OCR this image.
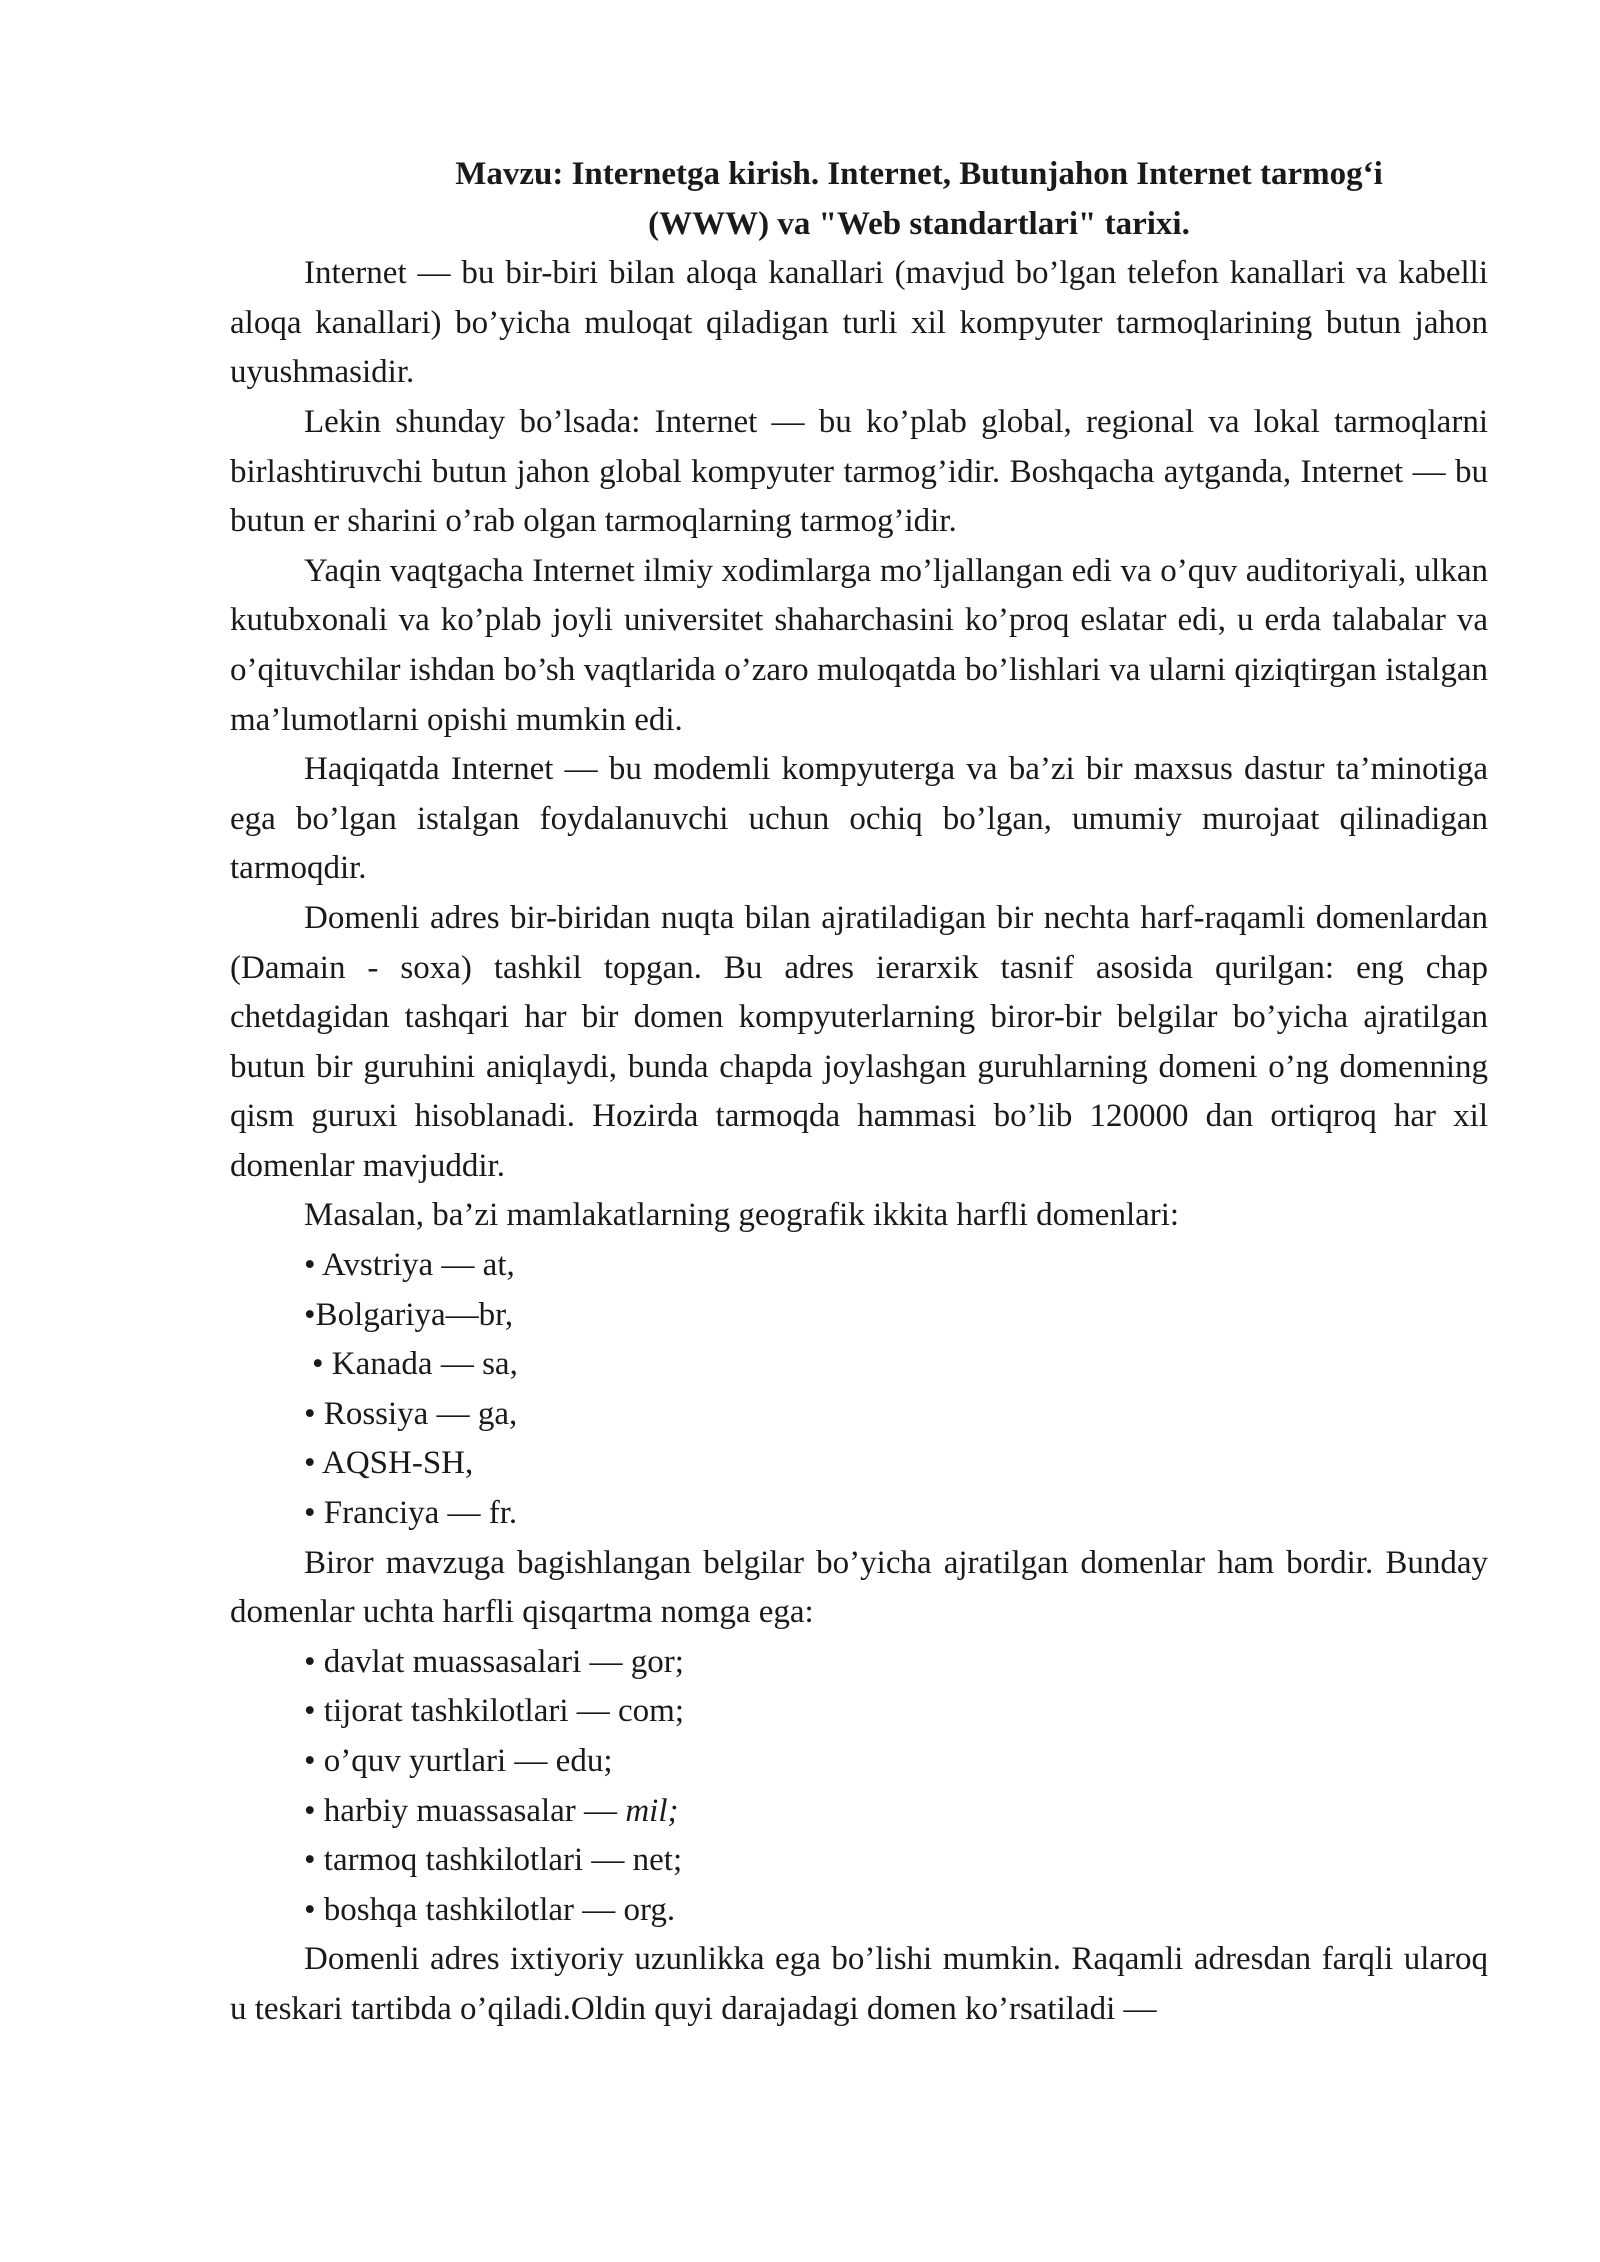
Mavzu: Internetga kirish. Internet, Butunjahon Internet tarmog‘i
(WWW) va "Web standartlari" tarixi.

Internet — bu bir-biri bilan aloqa kanallari (mavjud bo’lgan telefon kanallari va kabelli aloqa kanallari) bo’yicha muloqat qiladigan turli xil kompyuter tarmoqlarining butun jahon uyushmasidir.

Lekin shunday bo’lsada: Internet — bu ko’plab global, regional va lokal tarmoqlarni birlashtiruvchi butun jahon global kompyuter tarmog’idir. Boshqacha aytganda, Internet — bu butun er sharini o’rab olgan tarmoqlarning tarmog’idir.

Yaqin vaqtgacha Internet ilmiy xodimlarga mo’ljallangan edi va o’quv auditoriyali, ulkan kutubxonali va ko’plab joyli universitet shaharchasini ko’proq eslatar edi, u erda talabalar va o’qituvchilar ishdan bo’sh vaqtlarida o’zaro muloqatda bo’lishlari va ularni qiziqtirgan istalgan ma’lumotlarni opishi mumkin edi.

Haqiqatda Internet — bu modemli kompyuterga va ba’zi bir maxsus dastur ta’minotiga ega bo’lgan istalgan foydalanuvchi uchun ochiq bo’lgan, umumiy murojaat qilinadigan tarmoqdir.

Domenli adres bir-biridan nuqta bilan ajratiladigan bir nechta harf-raqamli domenlardan (Damain - soxa) tashkil topgan. Bu adres ierarxik tasnif asosida qurilgan: eng chap chetdagidan tashqari har bir domen kompyuterlarning biror-bir belgilar bo’yicha ajratilgan butun bir guruhini aniqlaydi, bunda chapda joylashgan guruhlarning domeni o’ng domenning qism guruxi hisoblanadi. Hozirda tarmoqda hammasi bo’lib 120000 dan ortiqroq har xil domenlar mavjuddir.

Masalan, ba’zi mamlakatlarning geografik ikkita harfli domenlari:

• Avstriya — at,
•Bolgariya—br,
• Kanada — sa,
• Rossiya — ga,
• AQSH-SH,
• Franciya — fr.

Biror mavzuga bagishlangan belgilar bo’yicha ajratilgan domenlar ham bordir. Bunday domenlar uchta harfli qisqartma nomga ega:

• davlat muassasalari — gor;
• tijorat tashkilotlari — com;
• o’quv yurtlari — edu;
• harbiy muassasalar — mil;
• tarmoq tashkilotlari — net;
• boshqa tashkilotlar — org.

Domenli adres ixtiyoriy uzunlikka ega bo’lishi mumkin. Raqamli adresdan farqli ularoq u teskari tartibda o’qiladi.Oldin quyi darajadagi domen ko’rsatiladi —
